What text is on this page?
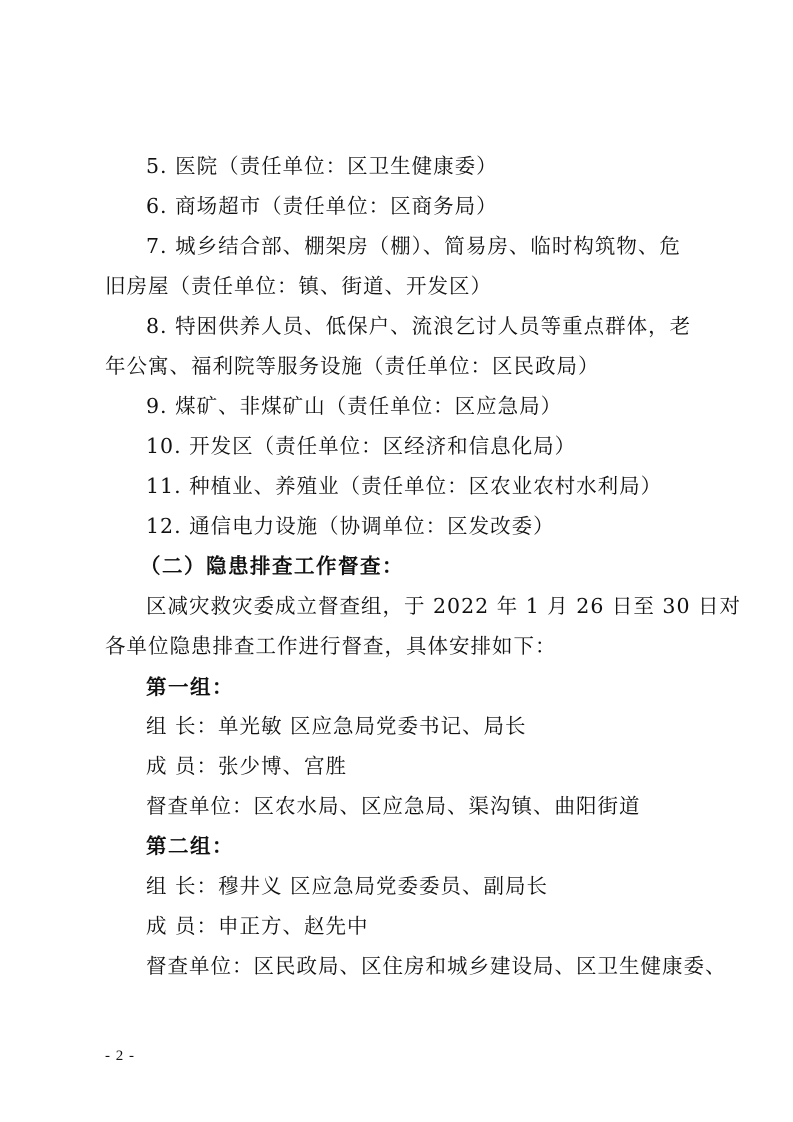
5. 医院（责任单位：区卫生健康委）
6. 商场超市（责任单位：区商务局）
7. 城乡结合部、棚架房（棚）、简易房、临时构筑物、危
旧房屋（责任单位：镇、街道、开发区）
8. 特困供养人员、低保户、流浪乞讨人员等重点群体，老
年公寓、福利院等服务设施（责任单位：区民政局）
9. 煤矿、非煤矿山（责任单位：区应急局）
10. 开发区（责任单位：区经济和信息化局）
11. 种植业、养殖业（责任单位：区农业农村水利局）
12. 通信电力设施（协调单位：区发改委）
（二）隐患排查工作督查：
区减灾救灾委成立督查组，于 2022 年 1 月 26 日至 30 日对
各单位隐患排查工作进行督查，具体安排如下：
第一组：
组 长：单光敏 区应急局党委书记、局长
成 员：张少博、宫胜
督查单位：区农水局、区应急局、渠沟镇、曲阳街道
第二组：
组 长：穆井义 区应急局党委委员、副局长
成 员：申正方、赵先中
督查单位：区民政局、区住房和城乡建设局、区卫生健康委、
- 2 -
